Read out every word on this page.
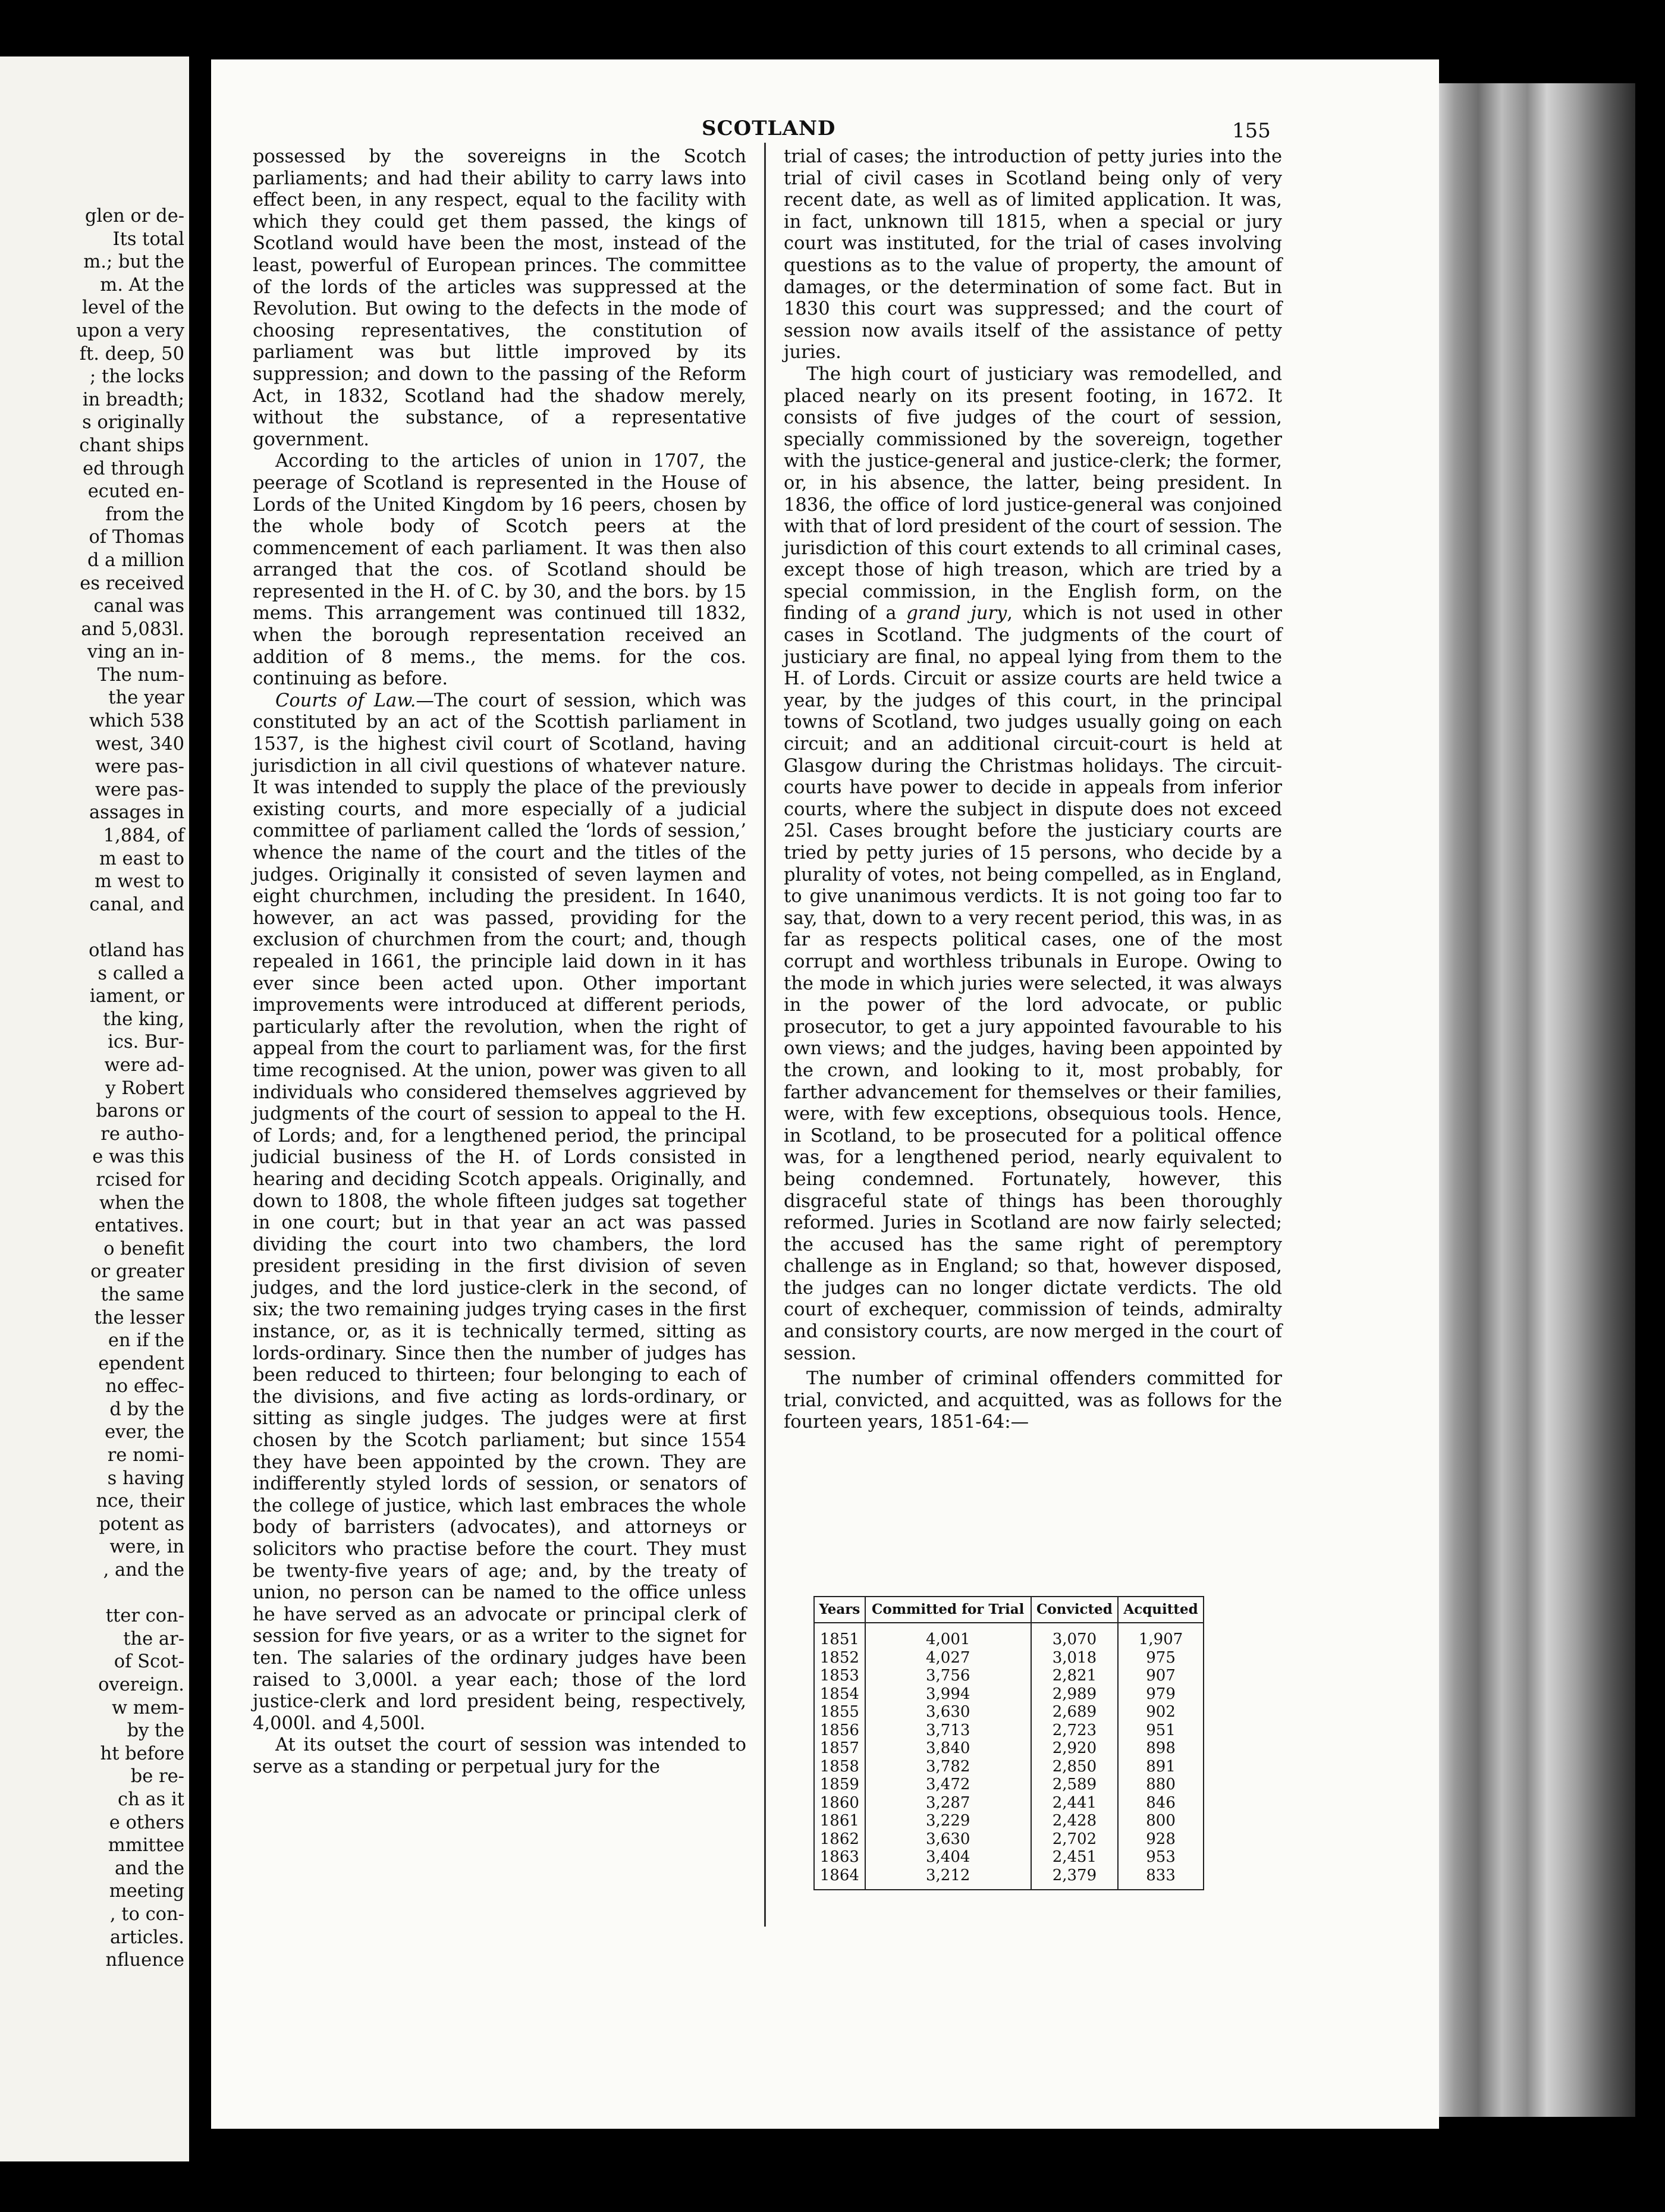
glen or de-
Its total
m.; but the
m. At the
level of the
upon a very
ft. deep, 50
; the locks
in breadth;
s originally
chant ships
ed through
ecuted en-
from the
of Thomas
d a million
es received
canal was
and 5,083l.
ving an in-
The num-
the year
which 538
west, 340
were pas-
were pas-
assages in
1,884, of
m east to
m west to
canal, and
otland has
s called a
iament, or
the king,
ics. Bur-
were ad-
y Robert
barons or
re autho-
e was this
rcised for
when the
entatives.
o benefit
or greater
the same
the lesser
en if the
ependent
no effec-
d by the
ever, the
re nomi-
s having
nce, their
potent as
were, in
, and the
tter con-
the ar-
of Scot-
overeign.
w mem-
by the
ht before
be re-
ch as it
e others
mmittee
and the
meeting
, to con-
articles.
nfluence
SCOTLAND	155

possessed by the sovereigns in the Scotch parliaments; and had their ability to carry laws into effect been, in any respect, equal to the facility with which they could get them passed, the kings of Scotland would have been the most, instead of the least, powerful of European princes. The committee of the lords of the articles was suppressed at the Revolution. But owing to the defects in the mode of choosing representatives, the constitution of parliament was but little improved by its suppression; and down to the passing of the Reform Act, in 1832, Scotland had the shadow merely, without the substance, of a representative government.

According to the articles of union in 1707, the peerage of Scotland is represented in the House of Lords of the United Kingdom by 16 peers, chosen by the whole body of Scotch peers at the commencement of each parliament. It was then also arranged that the cos. of Scotland should be represented in the H. of C. by 30, and the bors. by 15 mems. This arrangement was continued till 1832, when the borough representation received an addition of 8 mems., the mems. for the cos. continuing as before.

Courts of Law.—The court of session, which was constituted by an act of the Scottish parliament in 1537, is the highest civil court of Scotland, having jurisdiction in all civil questions of whatever nature. It was intended to supply the place of the previously existing courts, and more especially of a judicial committee of parliament called the ‘lords of session,’ whence the name of the court and the titles of the judges. Originally it consisted of seven laymen and eight churchmen, including the president. In 1640, however, an act was passed, providing for the exclusion of churchmen from the court; and, though repealed in 1661, the principle laid down in it has ever since been acted upon. Other important improvements were introduced at different periods, particularly after the revolution, when the right of appeal from the court to parliament was, for the first time recognised. At the union, power was given to all individuals who considered themselves aggrieved by judgments of the court of session to appeal to the H. of Lords; and, for a lengthened period, the principal judicial business of the H. of Lords consisted in hearing and deciding Scotch appeals. Originally, and down to 1808, the whole fifteen judges sat together in one court; but in that year an act was passed dividing the court into two chambers, the lord president presiding in the first division of seven judges, and the lord justice-clerk in the second, of six; the two remaining judges trying cases in the first instance, or, as it is technically termed, sitting as lords-ordinary. Since then the number of judges has been reduced to thirteen; four belonging to each of the divisions, and five acting as lords-ordinary, or sitting as single judges. The judges were at first chosen by the Scotch parliament; but since 1554 they have been appointed by the crown. They are indifferently styled lords of session, or senators of the college of justice, which last embraces the whole body of barristers (advocates), and attorneys or solicitors who practise before the court. They must be twenty-five years of age; and, by the treaty of union, no person can be named to the office unless he have served as an advocate or principal clerk of session for five years, or as a writer to the signet for ten. The salaries of the ordinary judges have been raised to 3,000l. a year each; those of the lord justice-clerk and lord president being, respectively, 4,000l. and 4,500l.

At its outset the court of session was intended to serve as a standing or perpetual jury for the

trial of cases; the introduction of petty juries into the trial of civil cases in Scotland being only of very recent date, as well as of limited application. It was, in fact, unknown till 1815, when a special or jury court was instituted, for the trial of cases involving questions as to the value of property, the amount of damages, or the determination of some fact. But in 1830 this court was suppressed; and the court of session now avails itself of the assistance of petty juries.

The high court of justiciary was remodelled, and placed nearly on its present footing, in 1672. It consists of five judges of the court of session, specially commissioned by the sovereign, together with the justice-general and justice-clerk; the former, or, in his absence, the latter, being president. In 1836, the office of lord justice-general was conjoined with that of lord president of the court of session. The jurisdiction of this court extends to all criminal cases, except those of high treason, which are tried by a special commission, in the English form, on the finding of a grand jury, which is not used in other cases in Scotland. The judgments of the court of justiciary are final, no appeal lying from them to the H. of Lords. Circuit or assize courts are held twice a year, by the judges of this court, in the principal towns of Scotland, two judges usually going on each circuit; and an additional circuit-court is held at Glasgow during the Christmas holidays. The circuit-courts have power to decide in appeals from inferior courts, where the subject in dispute does not exceed 25l. Cases brought before the justiciary courts are tried by petty juries of 15 persons, who decide by a plurality of votes, not being compelled, as in England, to give unanimous verdicts. It is not going too far to say, that, down to a very recent period, this was, in as far as respects political cases, one of the most corrupt and worthless tribunals in Europe. Owing to the mode in which juries were selected, it was always in the power of the lord advocate, or public prosecutor, to get a jury appointed favourable to his own views; and the judges, having been appointed by the crown, and looking to it, most probably, for farther advancement for themselves or their families, were, with few exceptions, obsequious tools. Hence, in Scotland, to be prosecuted for a political offence was, for a lengthened period, nearly equivalent to being condemned. Fortunately, however, this disgraceful state of things has been thoroughly reformed. Juries in Scotland are now fairly selected; the accused has the same right of peremptory challenge as in England; so that, however disposed, the judges can no longer dictate verdicts. The old court of exchequer, commission of teinds, admiralty and consistory courts, are now merged in the court of session.

The number of criminal offenders committed for trial, convicted, and acquitted, was as follows for the fourteen years, 1851-64:—

Years	Committed for Trial	Convicted	Acquitted
1851	4,001	3,070	1,907
1852	4,027	3,018	975
1853	3,756	2,821	907
1854	3,994	2,989	979
1855	3,630	2,689	902
1856	3,713	2,723	951
1857	3,840	2,920	898
1858	3,782	2,850	891
1859	3,472	2,589	880
1860	3,287	2,441	846
1861	3,229	2,428	800
1862	3,630	2,702	928
1863	3,404	2,451	953
1864	3,212	2,379	833
